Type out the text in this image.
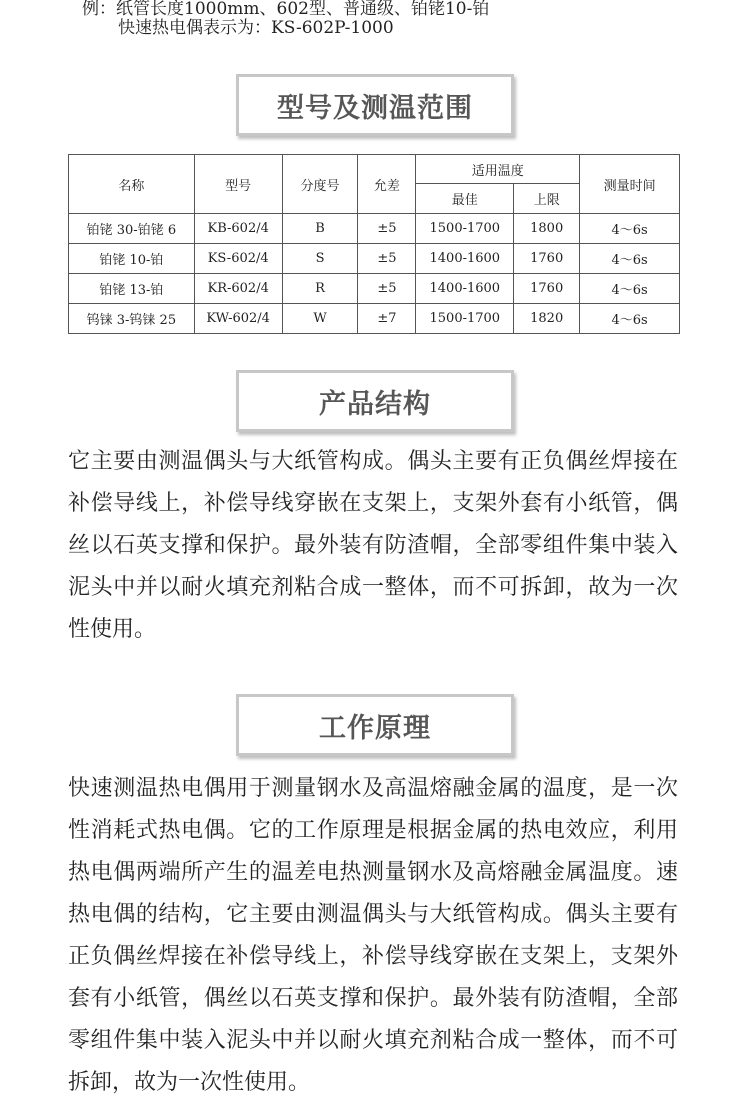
例：纸管长度1000mm、602型、普通级、铂铑10-铂
快速热电偶表示为：KS-602P-1000
型号及测温范围
名称	型号	分度号	允差	适用温度		测量时间
				最佳	上限	
铂铑 30-铂铑 6	KB-602/4	B	±5	1500-1700	1800	4～6s
铂铑 10-铂	KS-602/4	S	±5	1400-1600	1760	4～6s
铂铑 13-铂	KR-602/4	R	±5	1400-1600	1760	4～6s
钨铼 3-钨铼 25	KW-602/4	W	±7	1500-1700	1820	4～6s
产品结构
它主要由测温偶头与大纸管构成。偶头主要有正负偶丝焊接在补偿导线上，补偿导线穿嵌在支架上，支架外套有小纸管，偶丝以石英支撑和保护。最外装有防渣帽，全部零组件集中装入泥头中并以耐火填充剂粘合成一整体，而不可拆卸，故为一次性使用。
工作原理
快速测温热电偶用于测量钢水及高温熔融金属的温度，是一次性消耗式热电偶。它的工作原理是根据金属的热电效应，利用热电偶两端所产生的温差电热测量钢水及高熔融金属温度。速热电偶的结构，它主要由测温偶头与大纸管构成。偶头主要有正负偶丝焊接在补偿导线上，补偿导线穿嵌在支架上，支架外套有小纸管，偶丝以石英支撑和保护。最外装有防渣帽，全部零组件集中装入泥头中并以耐火填充剂粘合成一整体，而不可拆卸，故为一次性使用。
